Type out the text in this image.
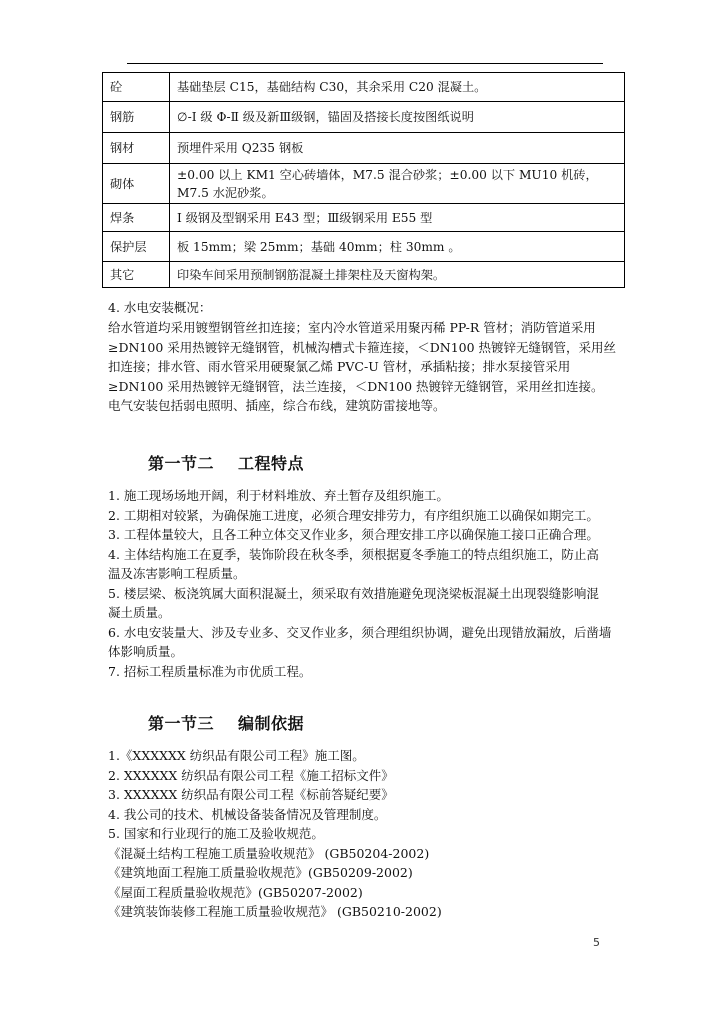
砼	基础垫层 C15，基础结构 C30，其余采用 C20 混凝土。
钢筋	∅-Ⅰ 级 Φ-Ⅱ 级及新Ⅲ级钢，锚固及搭接长度按图纸说明
钢材	预埋件采用 Q235 钢板
砌体	±0.00 以上 KM1 空心砖墙体，M7.5 混合砂浆；±0.00 以下 MU10 机砖，M7.5 水泥砂浆。
焊条	Ⅰ 级钢及型钢采用 E43 型；Ⅲ级钢采用 E55 型
保护层	板 15mm；梁 25mm；基础 40mm；柱 30mm 。
其它	印染车间采用预制钢筋混凝土排架柱及天窗构架。
4. 水电安装概况：

给水管道均采用镀塑钢管丝扣连接；室内冷水管道采用聚丙稀 PP-R 管材；消防管道采用
≥DN100 采用热镀锌无缝钢管，机械沟槽式卡箍连接，＜DN100 热镀锌无缝钢管，采用丝
扣连接；排水管、雨水管采用硬聚氯乙烯 PVC-U 管材，承插粘接；排水泵接管采用
≥DN100 采用热镀锌无缝钢管，法兰连接，＜DN100 热镀锌无缝钢管，采用丝扣连接。
电气安装包括弱电照明、插座，综合布线，建筑防雷接地等。

第一节二 工程特点
1. 施工现场场地开阔，利于材料堆放、弃土暂存及组织施工。
2. 工期相对较紧，为确保施工进度，必须合理安排劳力，有序组织施工以确保如期完工。
3. 工程体量较大，且各工种立体交叉作业多，须合理安排工序以确保施工接口正确合理。
4. 主体结构施工在夏季，装饰阶段在秋冬季，须根据夏冬季施工的特点组织施工，防止高
温及冻害影响工程质量。
5. 楼层梁、板浇筑属大面积混凝土，须采取有效措施避免现浇梁板混凝土出现裂缝影响混
凝土质量。
6. 水电安装量大、涉及专业多、交叉作业多，须合理组织协调，避免出现错放漏放，后凿墙
体影响质量。
7. 招标工程质量标准为市优质工程。
第一节三 编制依据
1.《XXXXXX 纺织品有限公司工程》施工图。
2. XXXXXX 纺织品有限公司工程《施工招标文件》
3. XXXXXX 纺织品有限公司工程《标前答疑纪要》
4. 我公司的技术、机械设备装备情况及管理制度。
5. 国家和行业现行的施工及验收规范。
《混凝土结构工程施工质量验收规范》 (GB50204-2002)
《建筑地面工程施工质量验收规范》(GB50209-2002)
《屋面工程质量验收规范》(GB50207-2002)
《建筑装饰装修工程施工质量验收规范》 (GB50210-2002)
5
